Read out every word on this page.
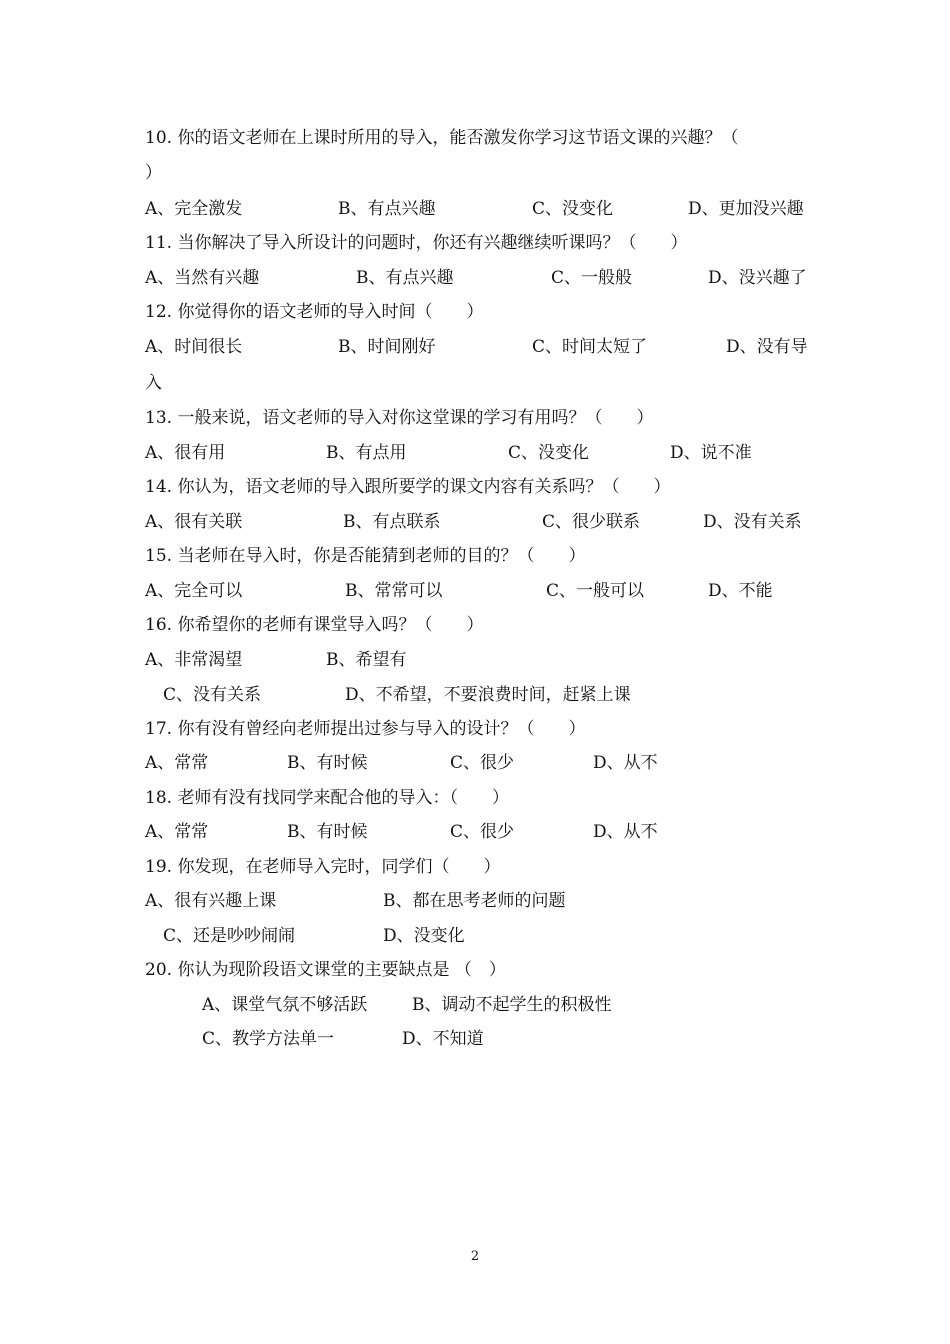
10. 你的语文老师在上课时所用的导入，能否激发你学习这节语文课的兴趣？（
）
A、完全激发	B、有点兴趣	C、没变化	D、更加没兴趣
11. 当你解决了导入所设计的问题时，你还有兴趣继续听课吗？（　　）
A、当然有兴趣	B、有点兴趣	C、一般般	D、没兴趣了
12. 你觉得你的语文老师的导入时间（　　）
A、时间很长	B、时间刚好	C、时间太短了	D、没有导
入
13. 一般来说，语文老师的导入对你这堂课的学习有用吗？（　　）
A、很有用	B、有点用	C、没变化	D、说不准
14. 你认为，语文老师的导入跟所要学的课文内容有关系吗？（　　）
A、很有关联	B、有点联系	C、很少联系	D、没有关系
15. 当老师在导入时，你是否能猜到老师的目的？（　　）
A、完全可以	B、常常可以	C、一般可以	D、不能
16. 你希望你的老师有课堂导入吗？（　　）
A、非常渴望	B、希望有
C、没有关系	D、不希望，不要浪费时间，赶紧上课
17. 你有没有曾经向老师提出过参与导入的设计？（　　）
A、常常	B、有时候	C、很少	D、从不
18. 老师有没有找同学来配合他的导入：（　　）
A、常常	B、有时候	C、很少	D、从不
19. 你发现，在老师导入完时，同学们（　　）
A、很有兴趣上课	B、都在思考老师的问题
C、还是吵吵闹闹	D、没变化
20. 你认为现阶段语文课堂的主要缺点是 （　）
A、课堂气氛不够活跃	B、调动不起学生的积极性
C、教学方法单一	D、不知道
2
